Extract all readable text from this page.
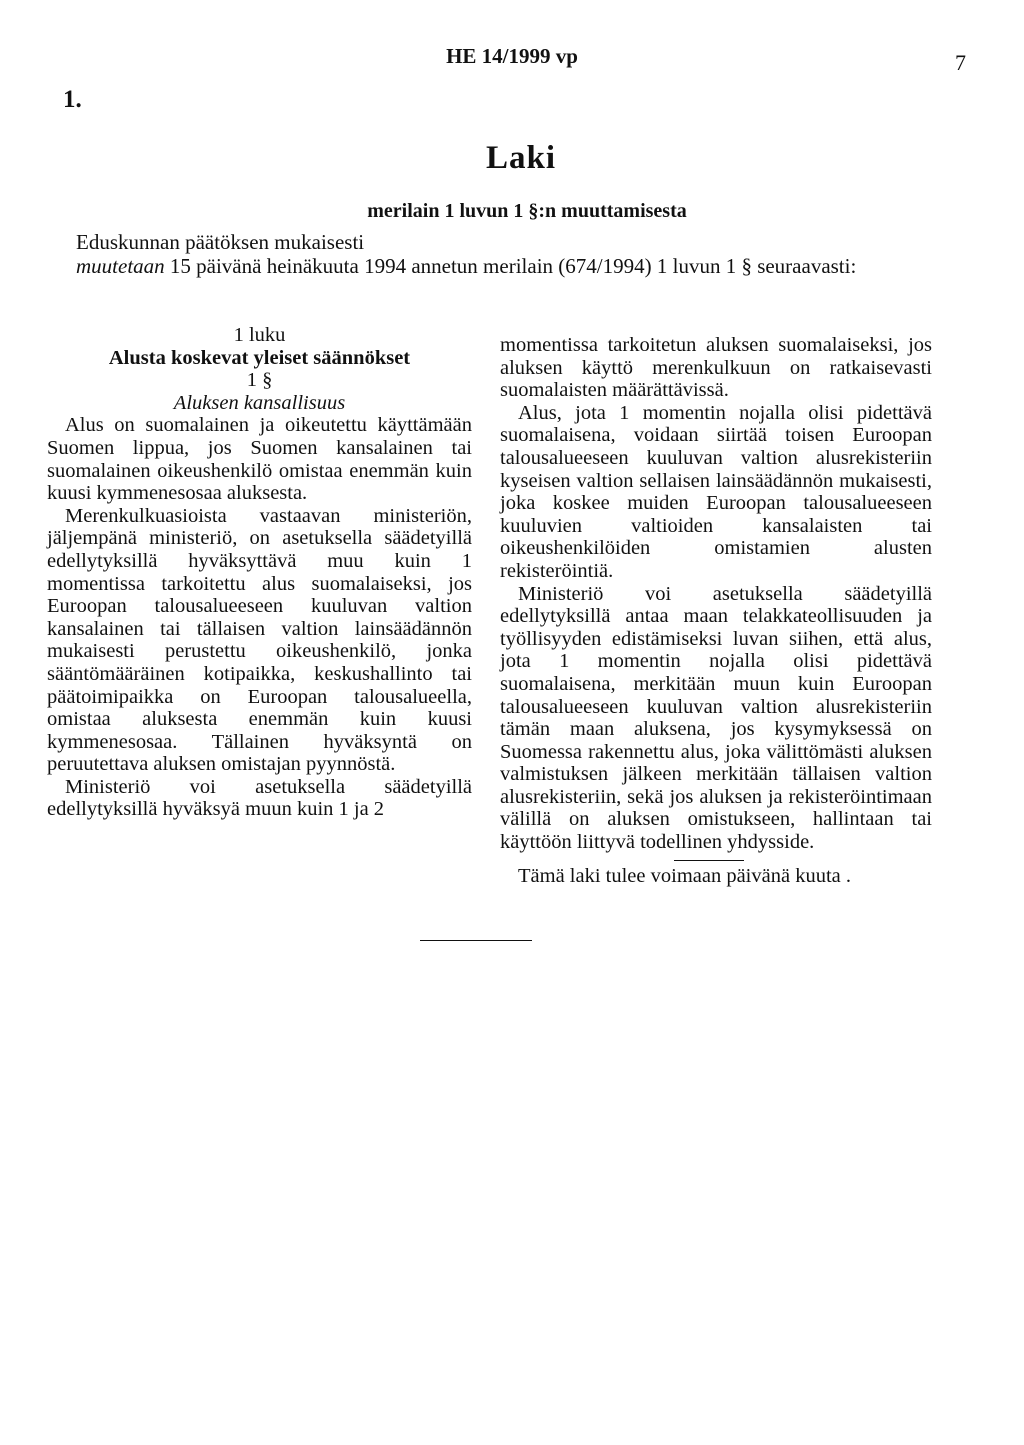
HE 14/1999 vp	7
1.
Laki
merilain 1 luvun 1 §:n muuttamisesta

Eduskunnan päätöksen mukaisesti

muutetaan 15 päivänä heinäkuuta 1994 annetun merilain (674/1994) 1 luvun 1 § seuraavasti:

1 luku

Alusta koskevat yleiset säännökset

1 §

Aluksen kansallisuus

Alus on suomalainen ja oikeutettu käyttämään Suomen lippua, jos Suomen kansalainen tai suomalainen oikeushenkilö omistaa enemmän kuin kuusi kymmenesosaa aluksesta.

Merenkulkuasioista vastaavan ministeriön, jäljempänä ministeriö, on asetuksella säädetyillä edellytyksillä hyväksyttävä muu kuin 1 momentissa tarkoitettu alus suomalaiseksi, jos Euroopan talousalueeseen kuuluvan valtion kansalainen tai tällaisen valtion lainsäädännön mukaisesti perustettu oikeushenkilö, jonka sääntömääräinen kotipaikka, keskushallinto tai päätoimipaikka on Euroopan talousalueella, omistaa aluksesta enemmän kuin kuusi kymmenesosaa. Tällainen hyväksyntä on peruutettava aluksen omistajan pyynnöstä.

Ministeriö voi asetuksella säädetyillä edellytyksillä hyväksyä muun kuin 1 ja 2

momentissa tarkoitetun aluksen suomalaiseksi, jos aluksen käyttö merenkulkuun on ratkaisevasti suomalaisten määrättävissä.

Alus, jota 1 momentin nojalla olisi pidettävä suomalaisena, voidaan siirtää toisen Euroopan talousalueeseen kuuluvan valtion alusrekisteriin kyseisen valtion sellaisen lainsäädännön mukaisesti, joka koskee muiden Euroopan talousalueeseen kuuluvien valtioiden kansalaisten tai oikeushenkilöiden omistamien alusten rekisteröintiä.

Ministeriö voi asetuksella säädetyillä edellytyksillä antaa maan telakkateollisuuden ja työllisyyden edistämiseksi luvan siihen, että alus, jota 1 momentin nojalla olisi pidettävä suomalaisena, merkitään muun kuin Euroopan talousalueeseen kuuluvan valtion alusrekisteriin tämän maan aluksena, jos kysymyksessä on Suomessa rakennettu alus, joka välittömästi aluksen valmistuksen jälkeen merkitään tällaisen valtion alusrekisteriin, sekä jos aluksen ja rekisteröintimaan välillä on aluksen omistukseen, hallintaan tai käyttöön liittyvä todellinen yhdysside.

Tämä laki tulee voimaan päivänä kuuta .
